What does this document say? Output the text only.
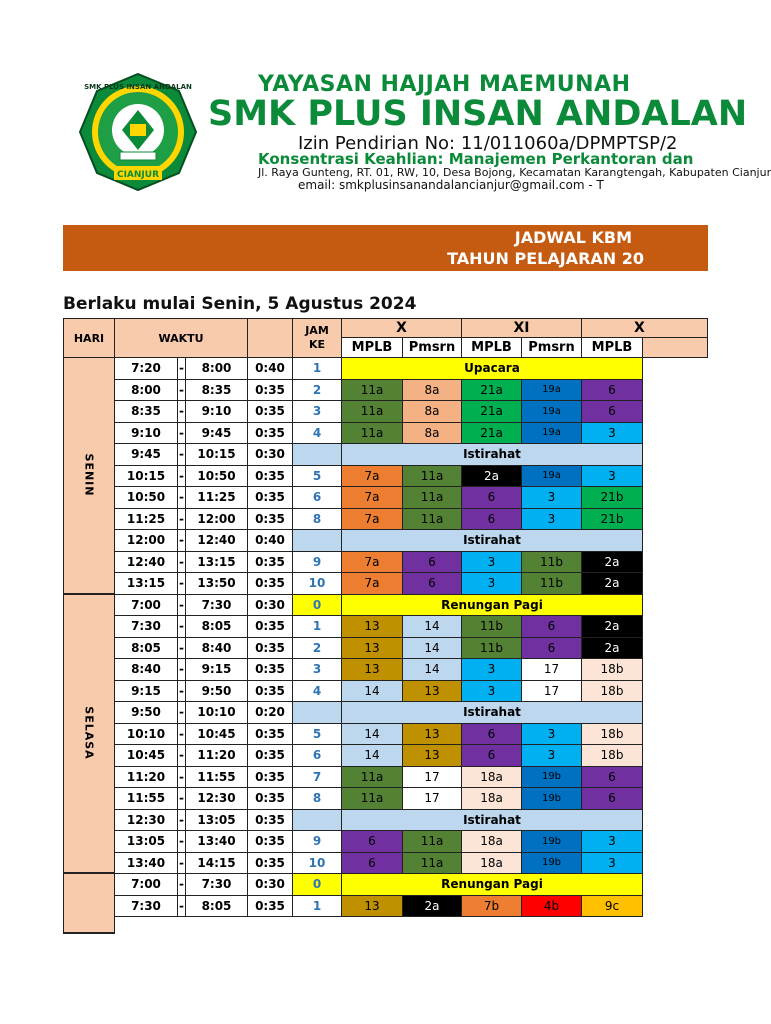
SMK PLUS INSAN ANDALAN
CIANJUR
YAYASAN HAJJAH MAEMUNAH
SMK PLUS INSAN ANDALAN
Izin Pendirian No: 11/011060a/DPMPTSP/2
Konsentrasi Keahlian: Manajemen Perkantoran dan
Jl. Raya Gunteng, RT. 01, RW, 10, Desa Bojong, Kecamatan Karangtengah, Kabupaten Cianjur
email: smkplusinsanandalancianjur@gmail.com - T
JADWAL KBM
TAHUN PELAJARAN 20
Berlaku mulai Senin, 5 Agustus 2024
HARI	WAKTU
JAM
KE
X	XI	X
MPLB	Pmsrn	MPLB	Pmsrn	MPLB
SENIN
SELASA
7:20	-	8:00	0:40	1	Upacara
8:00	-	8:35	0:35	2	11a	8a	21a	19a	6
8:35	-	9:10	0:35	3	11a	8a	21a	19a	6
9:10	-	9:45	0:35	4	11a	8a	21a	19a	3
9:45	-	10:15	0:30	Istirahat
10:15	-	10:50	0:35	5	7a	11a	2a	19a	3
10:50	-	11:25	0:35	6	7a	11a	6	3	21b
11:25	-	12:00	0:35	8	7a	11a	6	3	21b
12:00	-	12:40	0:40	Istirahat
12:40	-	13:15	0:35	9	7a	6	3	11b	2a
13:15	-	13:50	0:35	10	7a	6	3	11b	2a
7:00	-	7:30	0:30	0	Renungan Pagi
7:30	-	8:05	0:35	1	13	14	11b	6	2a
8:05	-	8:40	0:35	2	13	14	11b	6	2a
8:40	-	9:15	0:35	3	13	14	3	17	18b
9:15	-	9:50	0:35	4	14	13	3	17	18b
9:50	-	10:10	0:20	Istirahat
10:10	-	10:45	0:35	5	14	13	6	3	18b
10:45	-	11:20	0:35	6	14	13	6	3	18b
11:20	-	11:55	0:35	7	11a	17	18a	19b	6
11:55	-	12:30	0:35	8	11a	17	18a	19b	6
12:30	-	13:05	0:35	Istirahat
13:05	-	13:40	0:35	9	6	11a	18a	19b	3
13:40	-	14:15	0:35	10	6	11a	18a	19b	3
7:00	-	7:30	0:30	0	Renungan Pagi
7:30	-	8:05	0:35	1	13	2a	7b	4b	9c
